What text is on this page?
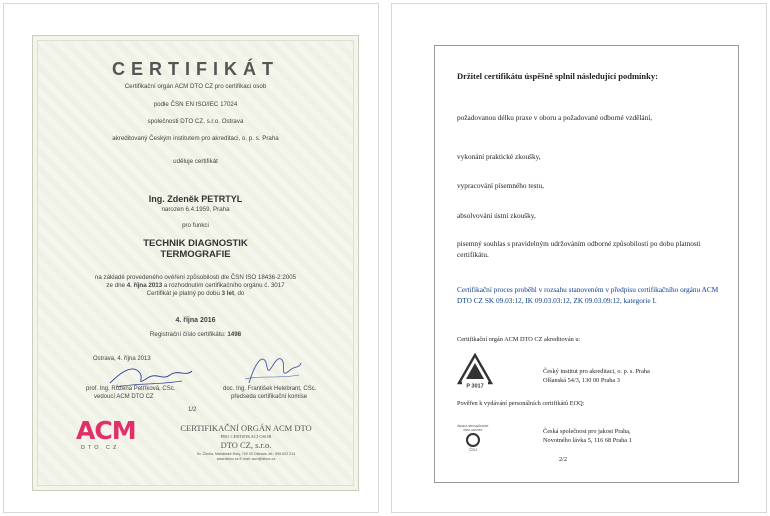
CERTIFIKÁT
Certifikační orgán ACM DTO CZ pro certifikaci osob
podle ČSN EN ISO/IEC 17024
společnosti DTO CZ, s.r.o. Ostrava
akreditovaný Českým institutem pro akreditaci, o. p. s. Praha
uděluje certifikát
Ing. Zdeněk PETRTYL
narozen 6.4.1959, Praha
pro funkci
TECHNIK DIAGNOSTIK
TERMOGRAFIE
na základě provedeného ověření způsobilosti dle ČSN ISO 18436-2:2005
ze dne 4. října 2013 a rozhodnutím certifikačního orgánu č. 3017
Certifikát je platný po dobu 3 let, do
4. října 2016
Registrační číslo certifikátu: 1498
Ostrava, 4. října 2013
prof. Ing. Růžena Petříková, CSc.
vedoucí ACM DTO CZ
doc. Ing. František Helebrant, CSc.
předseda certifikační komise
1/2
ACM
DTO CZ
CERTIFIKAČNÍ ORGÁN ACM DTO
PRO CERTIFIKACI OSOB
DTO CZ, s.r.o.
Sv. Čecha, Mariánské Hory, 709 00 Ostrava, tel.: 595 622 214
www.dtocz.cz E-mail: acm@dtocz.cz
Držitel certifikátu úspěšně splnil následující podmínky:
požadovanou délku praxe v oboru a požadované odborné vzdělání,
vykonání praktické zkoušky,
vypracování písemného testu,
absolvování ústní zkoušky,
písemný souhlas s pravidelným udržováním odborné způsobilosti po dobu platnosti certifikátu.
Certifikační proces proběhl v rozsahu stanoveném v předpisu certifikačního orgánu ACM DTO CZ SK 09.03:12, IK 09.03.03:12, ZK 09.03.09:12, kategorie I.
Certifikační orgán ACM DTO CZ akreditován u:
P 3017
Český institut pro akreditaci, o. p. s. Praha
Olšanská 54/3, 130 00 Praha 3
Pověřen k vydávání personálních certifikátů EOQ:
ČESKÁ SPOLEČNOST PRO JAKOST
ČSJ
Česká společnost pro jakost Praha,
Novotného lávka 5, 116 68 Praha 1
2/2
